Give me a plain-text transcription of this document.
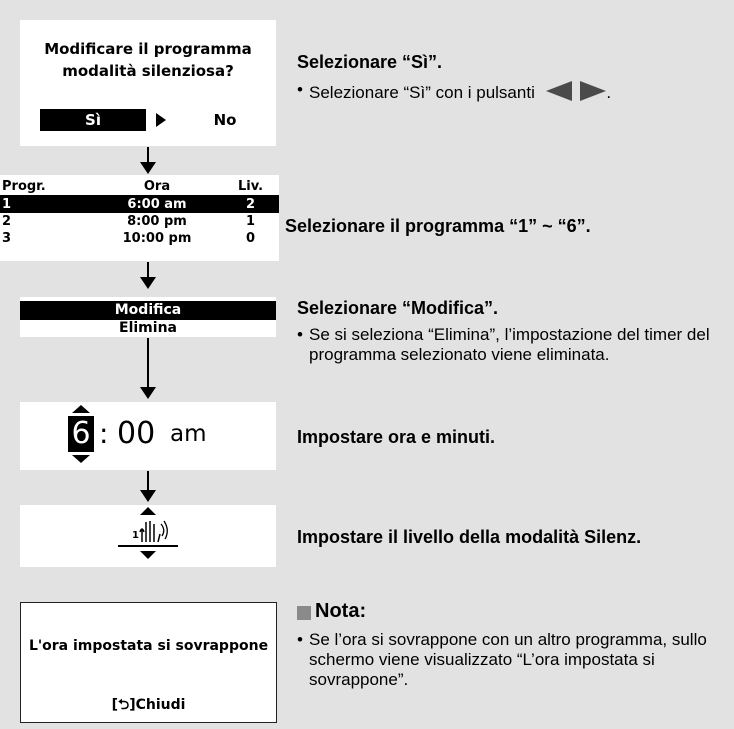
Modificare il programma
modalità silenziosa?
Sì	No
Selezionare “Sì”.
• Selezionare “Sì” con i pulsanti	.
Progr.	Ora	Liv.
1	6:00 am	2
2	8:00 pm	1
3	10:00 pm	0
Selezionare il programma “1” ~ “6”.
Modifica
Elimina
Selezionare “Modifica”.
• Se si seleziona “Elimina”, l’impostazione del timer del programma selezionato viene eliminata.
6 : 00 am	Impostare ora e minuti.
1	Impostare il livello della modalità Silenz.
L'ora impostata si sovrappone
[⮌]Chiudi
Nota:
• Se l’ora si sovrappone con un altro programma, sullo schermo viene visualizzato “L’ora impostata si sovrappone”.
